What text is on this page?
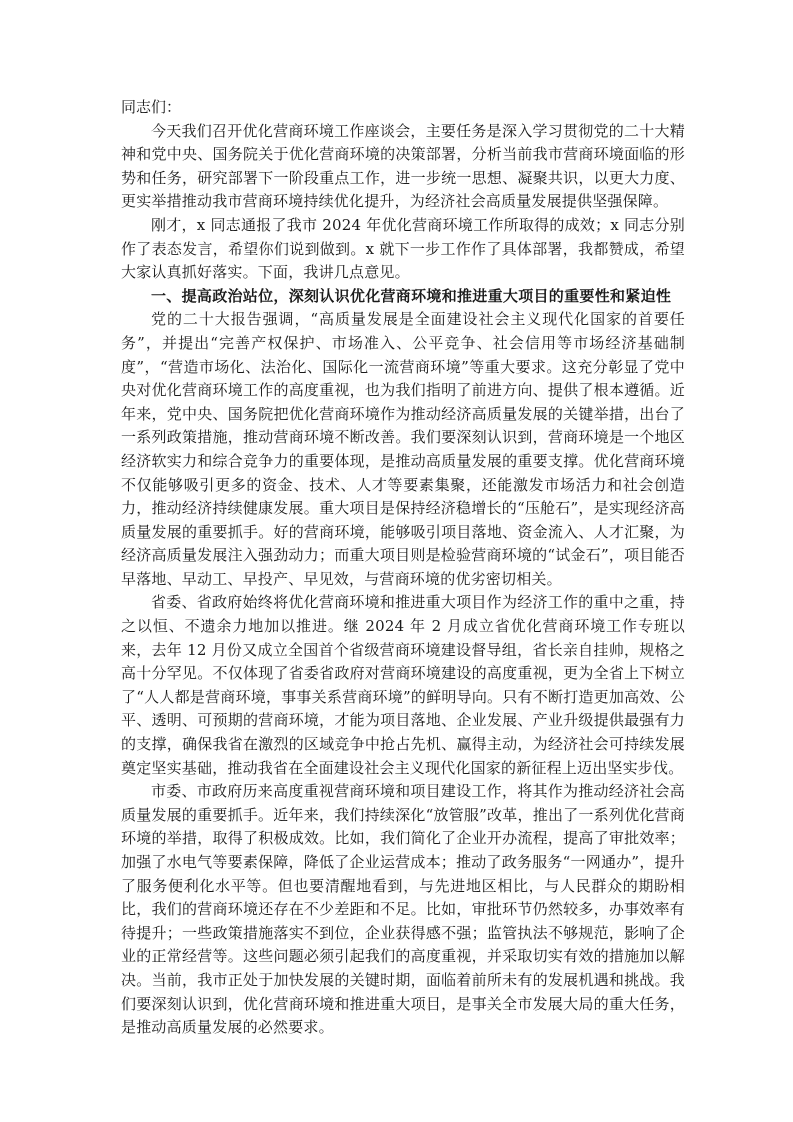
同志们：

今天我们召开优化营商环境工作座谈会，主要任务是深入学习贯彻党的二十大精神和党中央、国务院关于优化营商环境的决策部署，分析当前我市营商环境面临的形势和任务，研究部署下一阶段重点工作，进一步统一思想、凝聚共识，以更大力度、更实举措推动我市营商环境持续优化提升，为经济社会高质量发展提供坚强保障。

刚才，x 同志通报了我市 2024 年优化营商环境工作所取得的成效；x 同志分别作了表态发言，希望你们说到做到。x 就下一步工作作了具体部署，我都赞成，希望大家认真抓好落实。下面，我讲几点意见。

一、提高政治站位，深刻认识优化营商环境和推进重大项目的重要性和紧迫性

党的二十大报告强调，“高质量发展是全面建设社会主义现代化国家的首要任务”，并提出“完善产权保护、市场准入、公平竞争、社会信用等市场经济基础制度”，“营造市场化、法治化、国际化一流营商环境”等重大要求。这充分彰显了党中央对优化营商环境工作的高度重视，也为我们指明了前进方向、提供了根本遵循。近年来，党中央、国务院把优化营商环境作为推动经济高质量发展的关键举措，出台了一系列政策措施，推动营商环境不断改善。我们要深刻认识到，营商环境是一个地区经济软实力和综合竞争力的重要体现，是推动高质量发展的重要支撑。优化营商环境不仅能够吸引更多的资金、技术、人才等要素集聚，还能激发市场活力和社会创造力，推动经济持续健康发展。重大项目是保持经济稳增长的“压舱石”，是实现经济高质量发展的重要抓手。好的营商环境，能够吸引项目落地、资金流入、人才汇聚，为经济高质量发展注入强劲动力；而重大项目则是检验营商环境的“试金石”，项目能否早落地、早动工、早投产、早见效，与营商环境的优劣密切相关。

省委、省政府始终将优化营商环境和推进重大项目作为经济工作的重中之重，持之以恒、不遗余力地加以推进。继 2024 年 2 月成立省优化营商环境工作专班以来，去年 12 月份又成立全国首个省级营商环境建设督导组，省长亲自挂帅，规格之高十分罕见。不仅体现了省委省政府对营商环境建设的高度重视，更为全省上下树立了“人人都是营商环境，事事关系营商环境”的鲜明导向。只有不断打造更加高效、公平、透明、可预期的营商环境，才能为项目落地、企业发展、产业升级提供最强有力的支撑，确保我省在激烈的区域竞争中抢占先机、赢得主动，为经济社会可持续发展奠定坚实基础，推动我省在全面建设社会主义现代化国家的新征程上迈出坚实步伐。

市委、市政府历来高度重视营商环境和项目建设工作，将其作为推动经济社会高质量发展的重要抓手。近年来，我们持续深化“放管服”改革，推出了一系列优化营商环境的举措，取得了积极成效。比如，我们简化了企业开办流程，提高了审批效率；加强了水电气等要素保障，降低了企业运营成本；推动了政务服务“一网通办”，提升了服务便利化水平等。但也要清醒地看到，与先进地区相比，与人民群众的期盼相比，我们的营商环境还存在不少差距和不足。比如，审批环节仍然较多，办事效率有待提升；一些政策措施落实不到位，企业获得感不强；监管执法不够规范，影响了企业的正常经营等。这些问题必须引起我们的高度重视，并采取切实有效的措施加以解决。当前，我市正处于加快发展的关键时期，面临着前所未有的发展机遇和挑战。我们要深刻认识到，优化营商环境和推进重大项目，是事关全市发展大局的重大任务，是推动高质量发展的必然要求。
